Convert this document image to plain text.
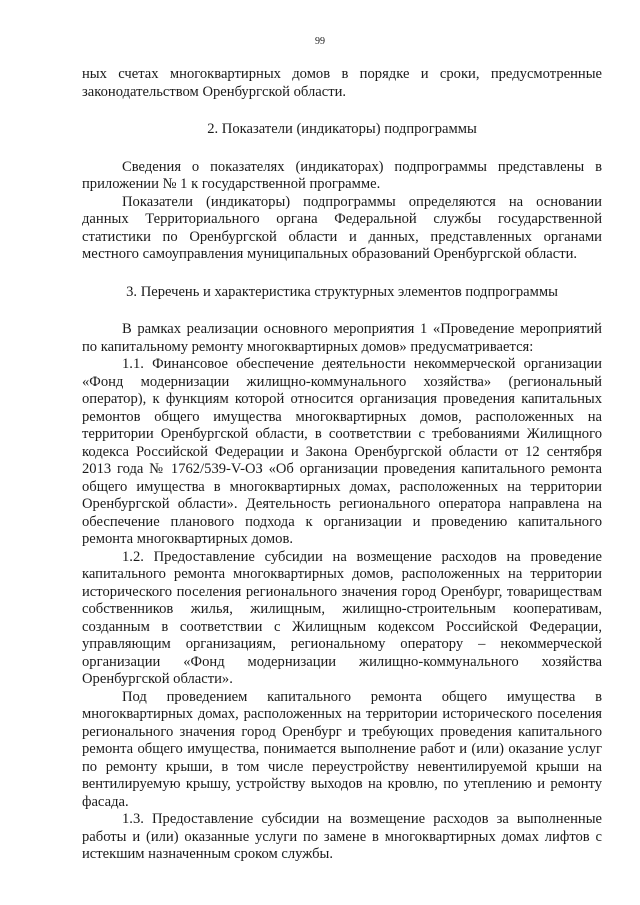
99

ных счетах многоквартирных домов в порядке и сроки, предусмотренные законодательством Оренбургской области.

2. Показатели (индикаторы) подпрограммы

Сведения о показателях (индикаторах) подпрограммы представлены в приложении № 1 к государственной программе.

Показатели (индикаторы) подпрограммы определяются на основании данных Территориального органа Федеральной службы государственной статистики по Оренбургской области и данных, представленных органами местного самоуправления муниципальных образований Оренбургской области.

3. Перечень и характеристика структурных элементов подпрограммы

В рамках реализации основного мероприятия 1 «Проведение мероприятий по капитальному ремонту многоквартирных домов» предусматривается:

1.1. Финансовое обеспечение деятельности некоммерческой организации «Фонд модернизации жилищно-коммунального хозяйства» (региональный оператор), к функциям которой относится организация проведения капитальных ремонтов общего имущества многоквартирных домов, расположенных на территории Оренбургской области, в соответствии с требованиями Жилищного кодекса Российской Федерации и Закона Оренбургской области от 12 сентября 2013 года № 1762/539-V-ОЗ «Об организации проведения капитального ремонта общего имущества в многоквартирных домах, расположенных на территории Оренбургской области». Деятельность регионального оператора направлена на обеспечение планового подхода к организации и проведению капитального ремонта многоквартирных домов.

1.2. Предоставление субсидии на возмещение расходов на проведение капитального ремонта многоквартирных домов, расположенных на территории исторического поселения регионального значения город Оренбург, товариществам собственников жилья, жилищным, жилищно-строительным кооперативам, созданным в соответствии с Жилищным кодексом Российской Федерации, управляющим организациям, региональному оператору – некоммерческой организации «Фонд модернизации жилищно-коммунального хозяйства Оренбургской области».

Под проведением капитального ремонта общего имущества в многоквартирных домах, расположенных на территории исторического поселения регионального значения город Оренбург и требующих проведения капитального ремонта общего имущества, понимается выполнение работ и (или) оказание услуг по ремонту крыши, в том числе переустройству невентилируемой крыши на вентилируемую крышу, устройству выходов на кровлю, по утеплению и ремонту фасада.

1.3. Предоставление субсидии на возмещение расходов за выполненные работы и (или) оказанные услуги по замене в многоквартирных домах лифтов с истекшим назначенным сроком службы.
